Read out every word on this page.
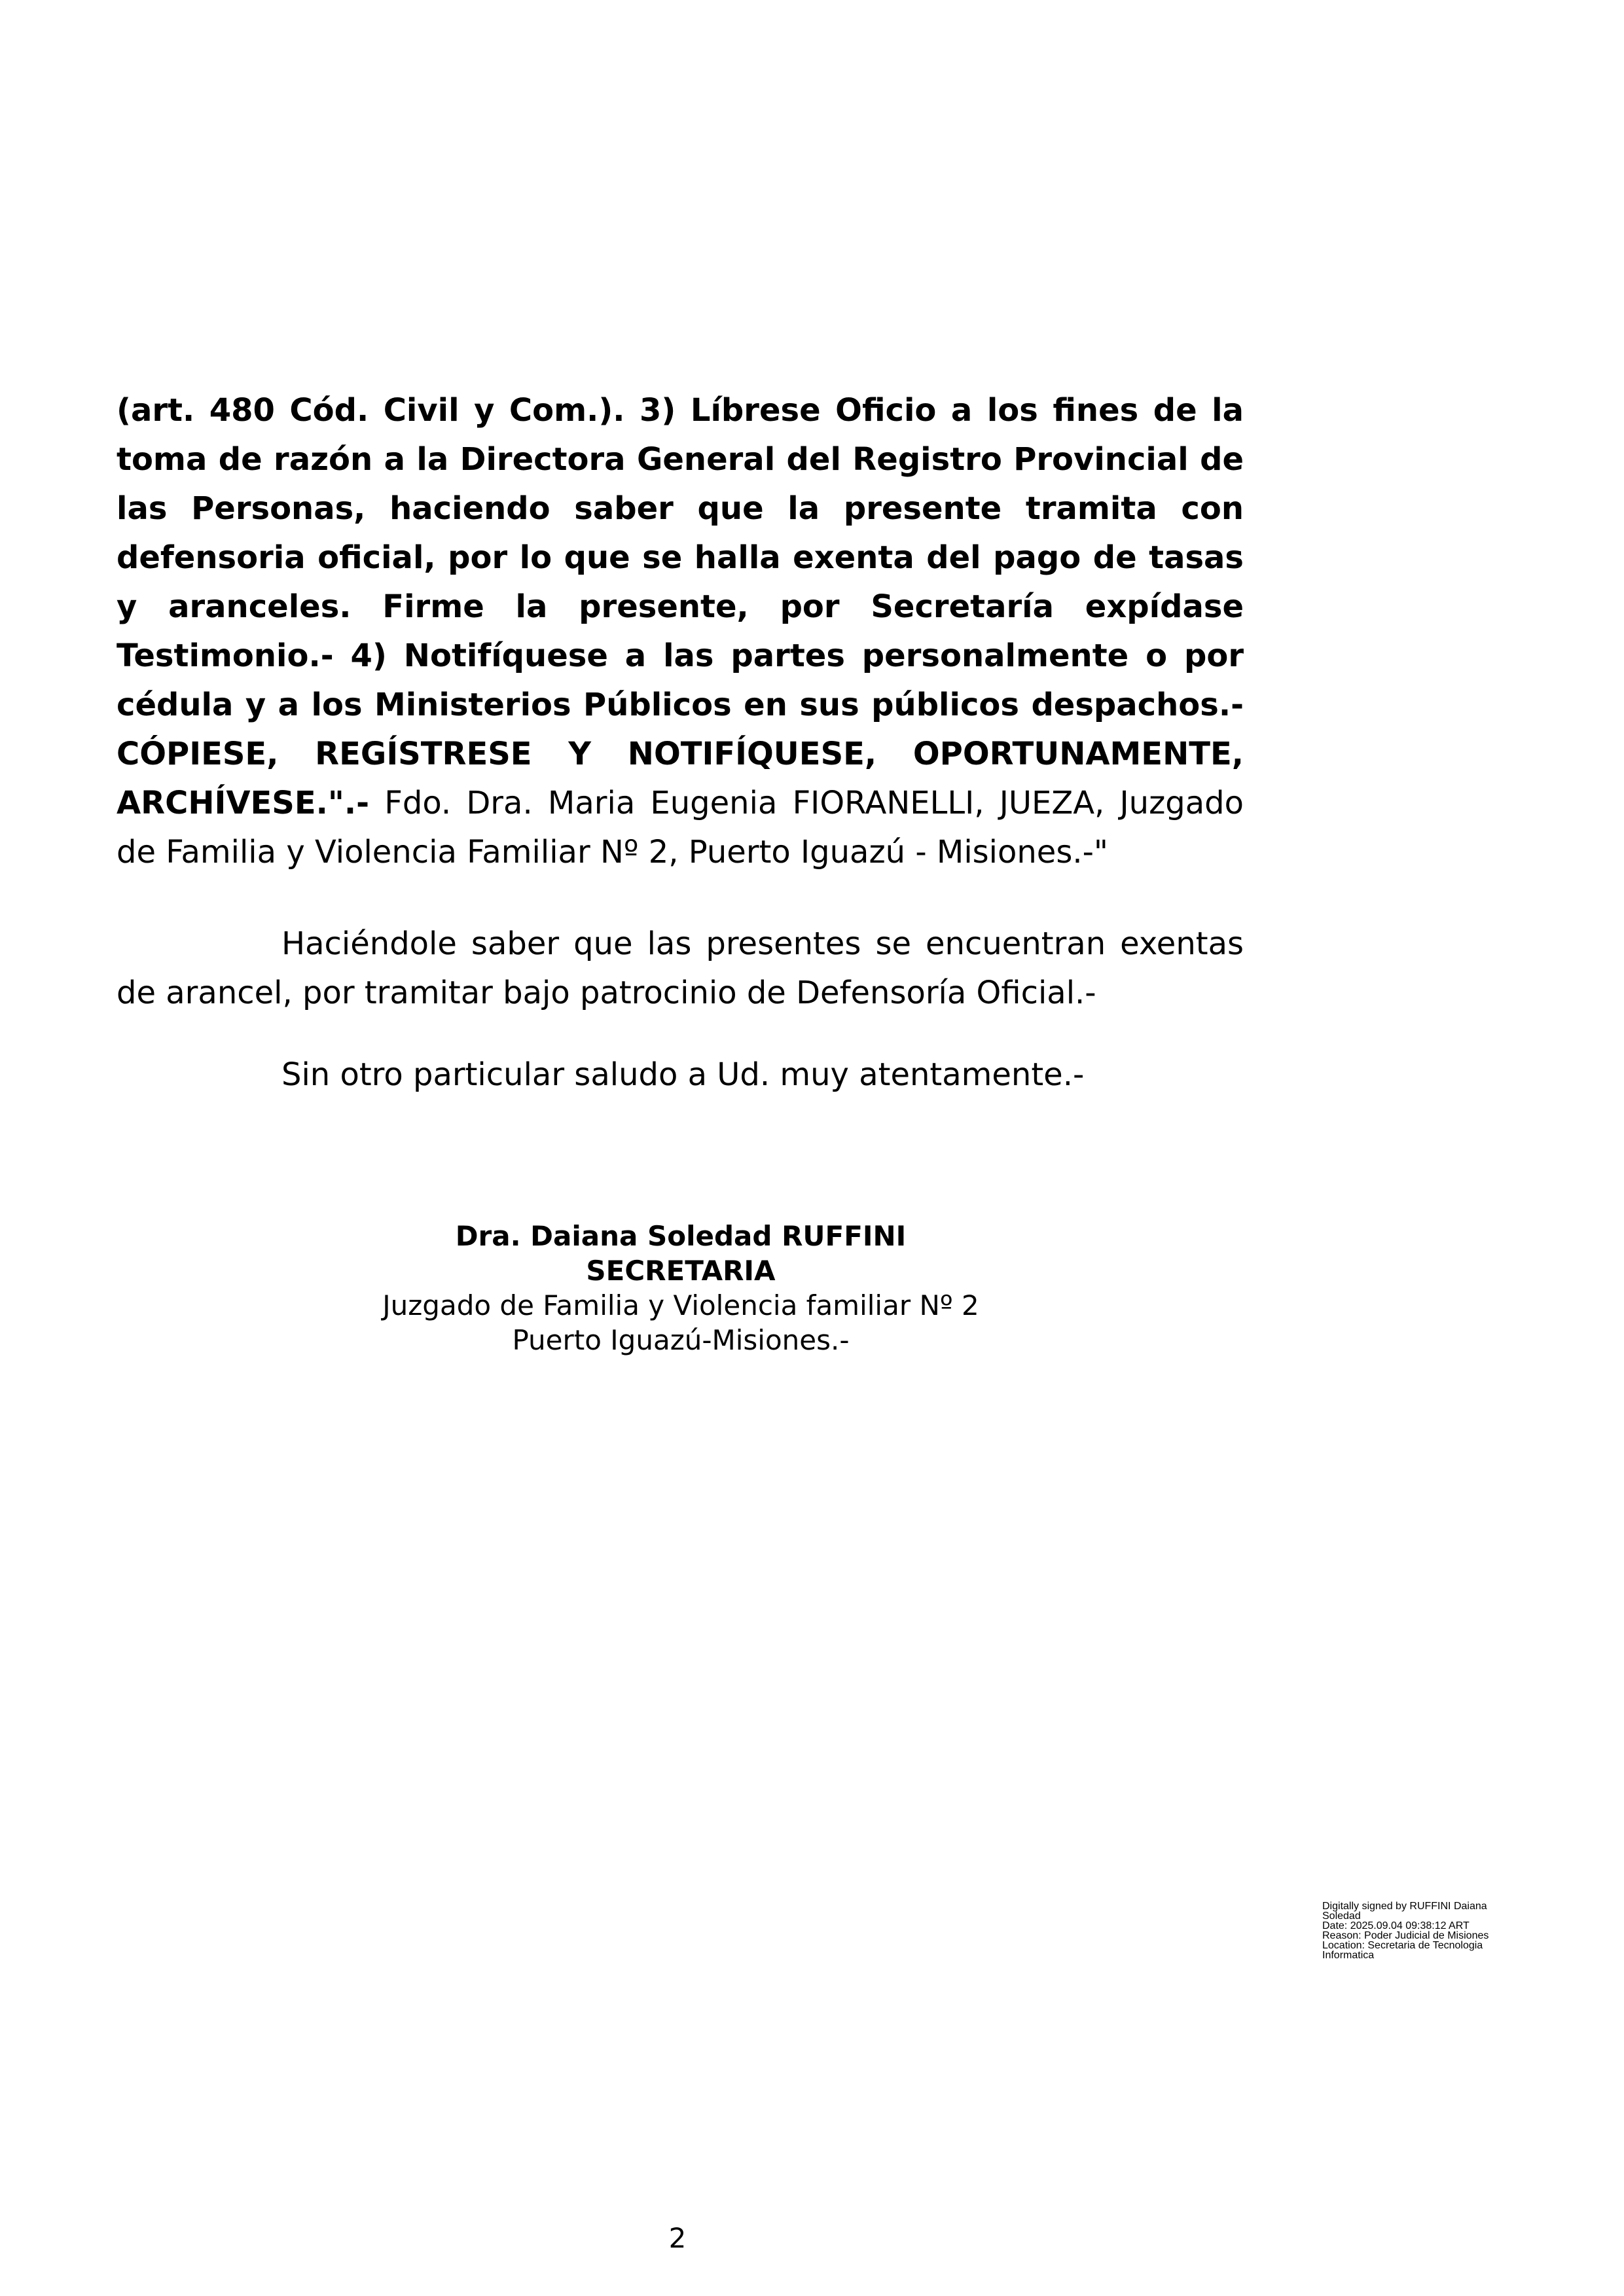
(art. 480 Cód. Civil y Com.). 3) Líbrese Oficio a los fines de la toma de razón a la Directora General del Registro Provincial de las Personas, haciendo saber que la presente tramita con defensoria oficial, por lo que se halla exenta del pago de tasas y aranceles. Firme la presente, por Secretaría expídase Testimonio.- 4) Notifíquese a las partes personalmente o por cédula y a los Ministerios Públicos en sus públicos despachos.- CÓPIESE, REGÍSTRESE Y NOTIFÍQUESE, OPORTUNAMENTE, ARCHÍVESE.".- Fdo. Dra. Maria Eugenia FIORANELLI, JUEZA, Juzgado de Familia y Violencia Familiar Nº 2, Puerto Iguazú - Misiones.-"

Haciéndole saber que las presentes se encuentran exentas de arancel, por tramitar bajo patrocinio de Defensoría Oficial.-

Sin otro particular saludo a Ud. muy atentamente.-

Dra. Daiana Soledad RUFFINI
SECRETARIA
Juzgado de Familia y Violencia familiar Nº 2
Puerto Iguazú-Misiones.-
Digitally signed by RUFFINI Daiana Soledad
Date: 2025.09.04 09:38:12 ART
Reason: Poder Judicial de Misiones
Location: Secretaria de Tecnologia Informatica
2
